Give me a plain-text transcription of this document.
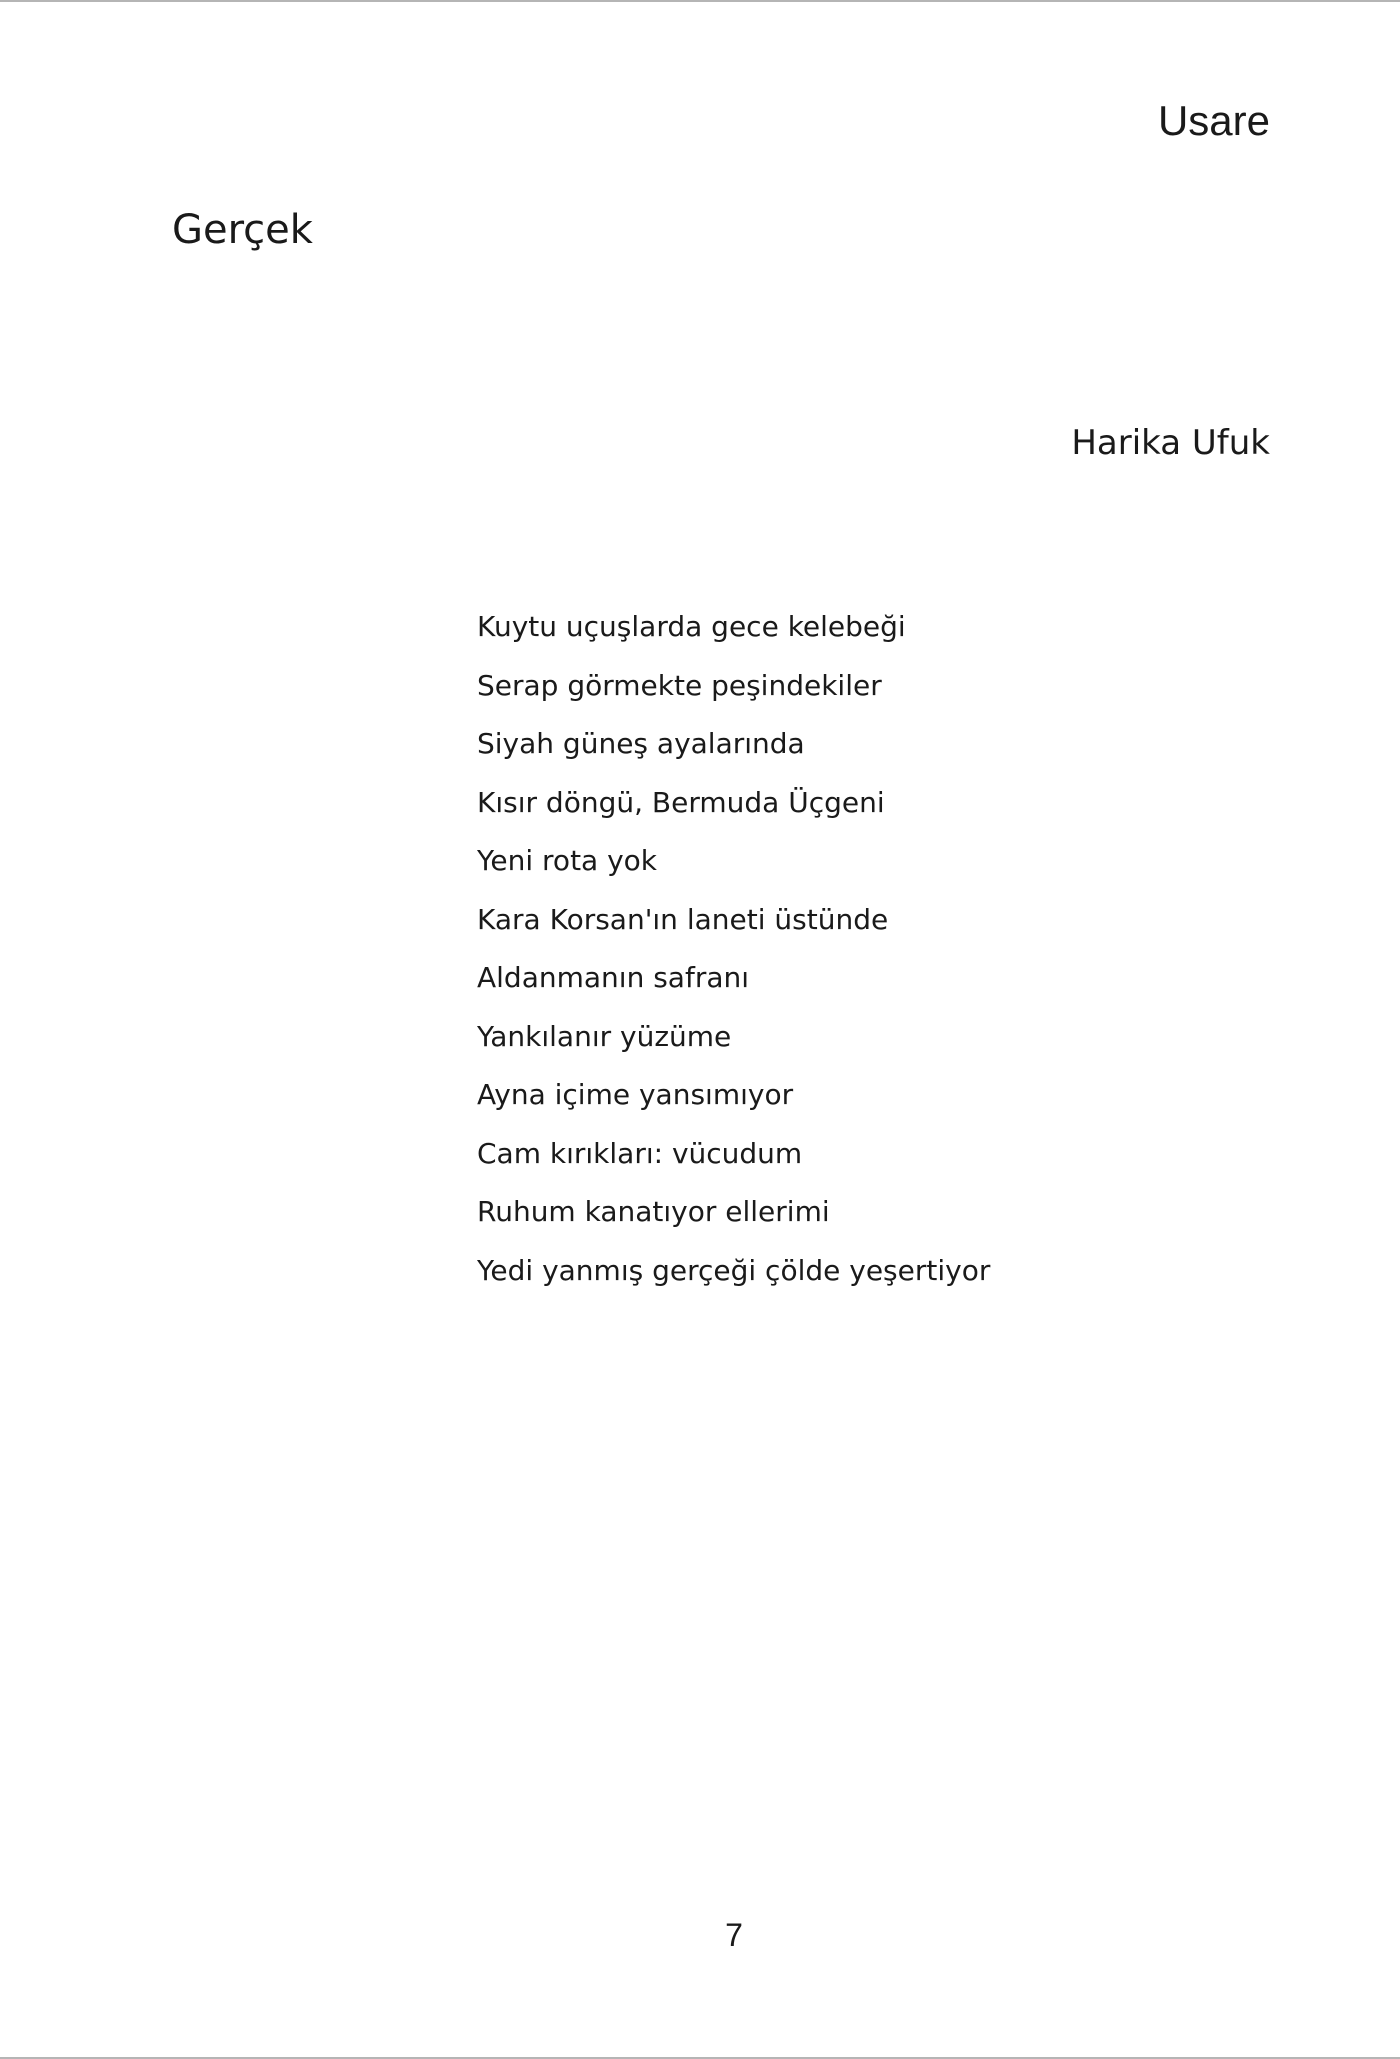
Usare
Gerçek
Harika Ufuk
Kuytu uçuşlarda gece kelebeği
Serap görmekte peşindekiler
Siyah güneş ayalarında
Kısır döngü, Bermuda Üçgeni
Yeni rota yok
Kara Korsan'ın laneti üstünde
Aldanmanın safranı
Yankılanır yüzüme
Ayna içime yansımıyor
Cam kırıkları: vücudum
Ruhum kanatıyor ellerimi
Yedi yanmış gerçeği çölde yeşertiyor
7
